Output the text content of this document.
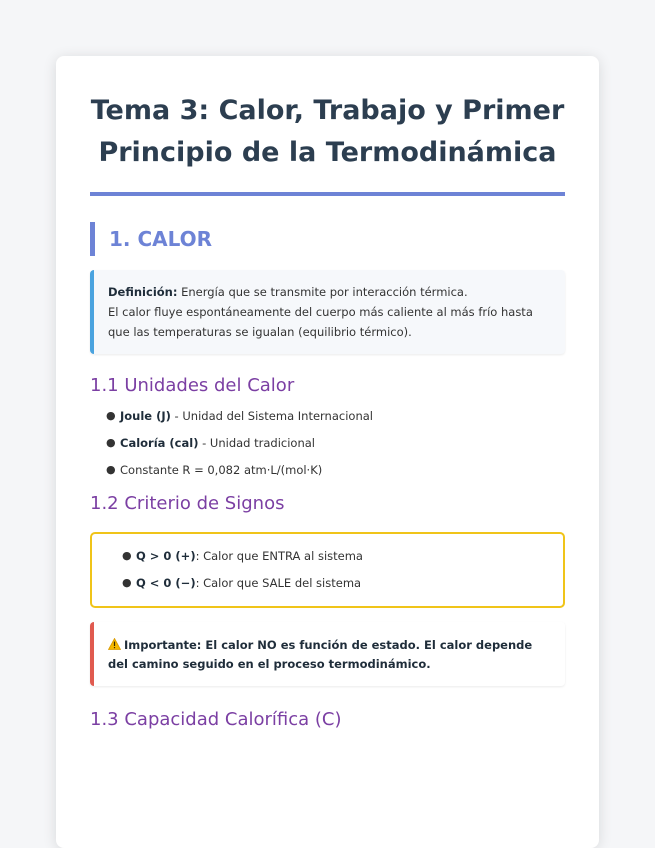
Tema 3: Calor, Trabajo y Primer Principio de la Termodinámica
1. CALOR
Definición: Energía que se transmite por interacción térmica.
El calor fluye espontáneamente del cuerpo más caliente al más frío hasta que las temperaturas se igualan (equilibrio térmico).
1.1 Unidades del Calor
● Joule (J) - Unidad del Sistema Internacional
● Caloría (cal) - Unidad tradicional
● Constante R = 0,082 atm·L/(mol·K)
1.2 Criterio de Signos
● Q > 0 (+): Calor que ENTRA al sistema
● Q < 0 (−): Calor que SALE del sistema
Importante: El calor NO es función de estado. El calor depende del camino seguido en el proceso termodinámico.
1.3 Capacidad Calorífica (C)
